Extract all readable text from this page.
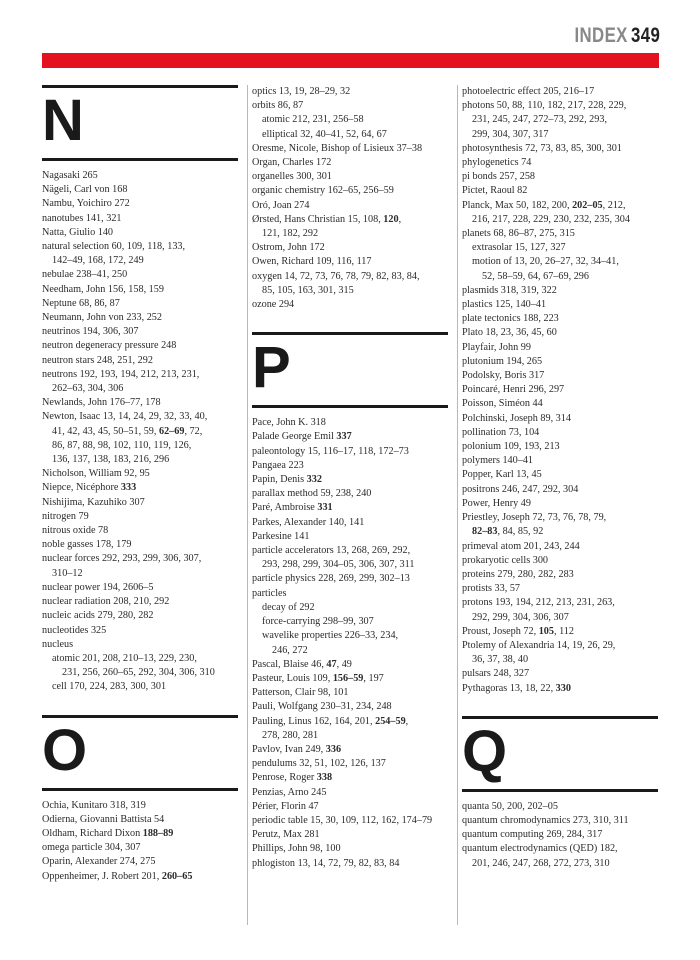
INDEX 349
N
Nagasaki 265
Nägeli, Carl von 168
Nambu, Yoichiro 272
nanotubes 141, 321
Natta, Giulio 140
natural selection 60, 109, 118, 133,
142–49, 168, 172, 249
nebulae 238–41, 250
Needham, John 156, 158, 159
Neptune 68, 86, 87
Neumann, John von 233, 252
neutrinos 194, 306, 307
neutron degeneracy pressure 248
neutron stars 248, 251, 292
neutrons 192, 193, 194, 212, 213, 231,
262–63, 304, 306
Newlands, John 176–77, 178
Newton, Isaac 13, 14, 24, 29, 32, 33, 40,
41, 42, 43, 45, 50–51, 59, 62–69, 72,
86, 87, 88, 98, 102, 110, 119, 126,
136, 137, 138, 183, 216, 296
Nicholson, William 92, 95
Niepce, Nicéphore 333
Nishijima, Kazuhiko 307
nitrogen 79
nitrous oxide 78
noble gasses 178, 179
nuclear forces 292, 293, 299, 306, 307,
310–12
nuclear power 194, 2606–5
nuclear radiation 208, 210, 292
nucleic acids 279, 280, 282
nucleotides 325
nucleus
atomic 201, 208, 210–13, 229, 230,
231, 256, 260–65, 292, 304, 306, 310
cell 170, 224, 283, 300, 301
O
Ochia, Kunitaro 318, 319
Odierna, Giovanni Battista 54
Oldham, Richard Dixon 188–89
omega particle 304, 307
Oparin, Alexander 274, 275
Oppenheimer, J. Robert 201, 260–65
optics 13, 19, 28–29, 32
orbits 86, 87
atomic 212, 231, 256–58
elliptical 32, 40–41, 52, 64, 67
Oresme, Nicole, Bishop of Lisieux 37–38
Organ, Charles 172
organelles 300, 301
organic chemistry 162–65, 256–59
Oró, Joan 274
Ørsted, Hans Christian 15, 108, 120,
121, 182, 292
Ostrom, John 172
Owen, Richard 109, 116, 117
oxygen 14, 72, 73, 76, 78, 79, 82, 83, 84,
85, 105, 163, 301, 315
ozone 294
P
Pace, John K. 318
Palade George Emil 337
paleontology 15, 116–17, 118, 172–73
Pangaea 223
Papin, Denis 332
parallax method 59, 238, 240
Paré, Ambroise 331
Parkes, Alexander 140, 141
Parkesine 141
particle accelerators 13, 268, 269, 292,
293, 298, 299, 304–05, 306, 307, 311
particle physics 228, 269, 299, 302–13
particles
decay of 292
force-carrying 298–99, 307
wavelike properties 226–33, 234,
246, 272
Pascal, Blaise 46, 47, 49
Pasteur, Louis 109, 156–59, 197
Patterson, Clair 98, 101
Pauli, Wolfgang 230–31, 234, 248
Pauling, Linus 162, 164, 201, 254–59,
278, 280, 281
Pavlov, Ivan 249, 336
pendulums 32, 51, 102, 126, 137
Penrose, Roger 338
Penzias, Arno 245
Périer, Florin 47
periodic table 15, 30, 109, 112, 162, 174–79
Perutz, Max 281
Phillips, John 98, 100
phlogiston 13, 14, 72, 79, 82, 83, 84
photoelectric effect 205, 216–17
photons 50, 88, 110, 182, 217, 228, 229,
231, 245, 247, 272–73, 292, 293,
299, 304, 307, 317
photosynthesis 72, 73, 83, 85, 300, 301
phylogenetics 74
pi bonds 257, 258
Pictet, Raoul 82
Planck, Max 50, 182, 200, 202–05, 212,
216, 217, 228, 229, 230, 232, 235, 304
planets 68, 86–87, 275, 315
extrasolar 15, 127, 327
motion of 13, 20, 26–27, 32, 34–41,
52, 58–59, 64, 67–69, 296
plasmids 318, 319, 322
plastics 125, 140–41
plate tectonics 188, 223
Plato 18, 23, 36, 45, 60
Playfair, John 99
plutonium 194, 265
Podolsky, Boris 317
Poincaré, Henri 296, 297
Poisson, Siméon 44
Polchinski, Joseph 89, 314
pollination 73, 104
polonium 109, 193, 213
polymers 140–41
Popper, Karl 13, 45
positrons 246, 247, 292, 304
Power, Henry 49
Priestley, Joseph 72, 73, 76, 78, 79,
82–83, 84, 85, 92
primeval atom 201, 243, 244
prokaryotic cells 300
proteins 279, 280, 282, 283
protists 33, 57
protons 193, 194, 212, 213, 231, 263,
292, 299, 304, 306, 307
Proust, Joseph 72, 105, 112
Ptolemy of Alexandria 14, 19, 26, 29,
36, 37, 38, 40
pulsars 248, 327
Pythagoras 13, 18, 22, 330
Q
quanta 50, 200, 202–05
quantum chromodynamics 273, 310, 311
quantum computing 269, 284, 317
quantum electrodynamics (QED) 182,
201, 246, 247, 268, 272, 273, 310
